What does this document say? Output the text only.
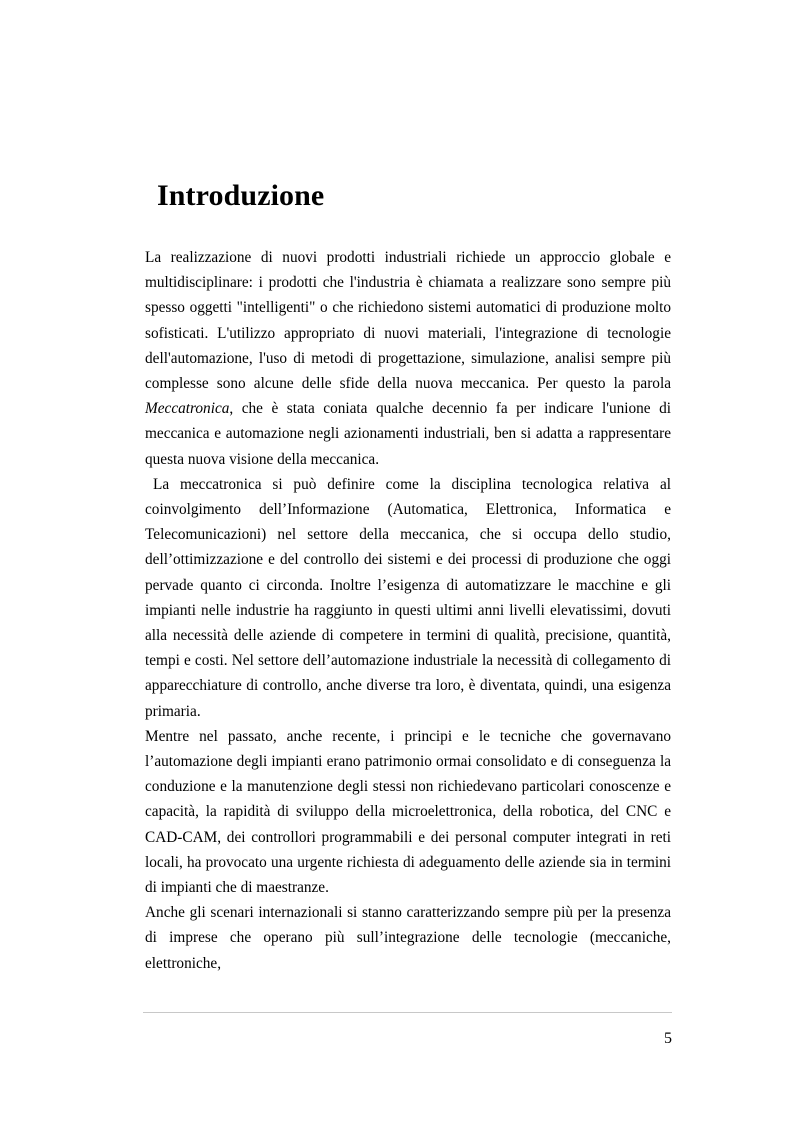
Introduzione

La realizzazione di nuovi prodotti industriali richiede un approccio globale e multidisciplinare: i prodotti che l'industria è chiamata a realizzare sono sempre più spesso oggetti "intelligenti" o che richiedono sistemi automatici di produzione molto sofisticati. L'utilizzo appropriato di nuovi materiali, l'integrazione di tecnologie dell'automazione, l'uso di metodi di progettazione, simulazione, analisi sempre più complesse sono alcune delle sfide della nuova meccanica. Per questo la parola Meccatronica, che è stata coniata qualche decennio fa per indicare l'unione di meccanica e automazione negli azionamenti industriali, ben si adatta a rappresentare questa nuova visione della meccanica.

La meccatronica si può definire come la disciplina tecnologica relativa al coinvolgimento dell’Informazione (Automatica, Elettronica, Informatica e Telecomunicazioni) nel settore della meccanica, che si occupa dello studio, dell’ottimizzazione e del controllo dei sistemi e dei processi di produzione che oggi pervade quanto ci circonda. Inoltre l’esigenza di automatizzare le macchine e gli impianti nelle industrie ha raggiunto in questi ultimi anni livelli elevatissimi, dovuti alla necessità delle aziende di competere in termini di qualità, precisione, quantità, tempi e costi. Nel settore dell’automazione industriale la necessità di collegamento di apparecchiature di controllo, anche diverse tra loro, è diventata, quindi, una esigenza primaria.

Mentre nel passato, anche recente, i principi e le tecniche che governavano l’automazione degli impianti erano patrimonio ormai consolidato e di conseguenza la conduzione e la manutenzione degli stessi non richiedevano particolari conoscenze e capacità, la rapidità di sviluppo della microelettronica, della robotica, del CNC e CAD-CAM, dei controllori programmabili e dei personal computer integrati in reti locali, ha provocato una urgente richiesta di adeguamento delle aziende sia in termini di impianti che di maestranze.

Anche gli scenari internazionali si stanno caratterizzando sempre più per la presenza di imprese che operano più sull’integrazione delle tecnologie (meccaniche, elettroniche,

5
